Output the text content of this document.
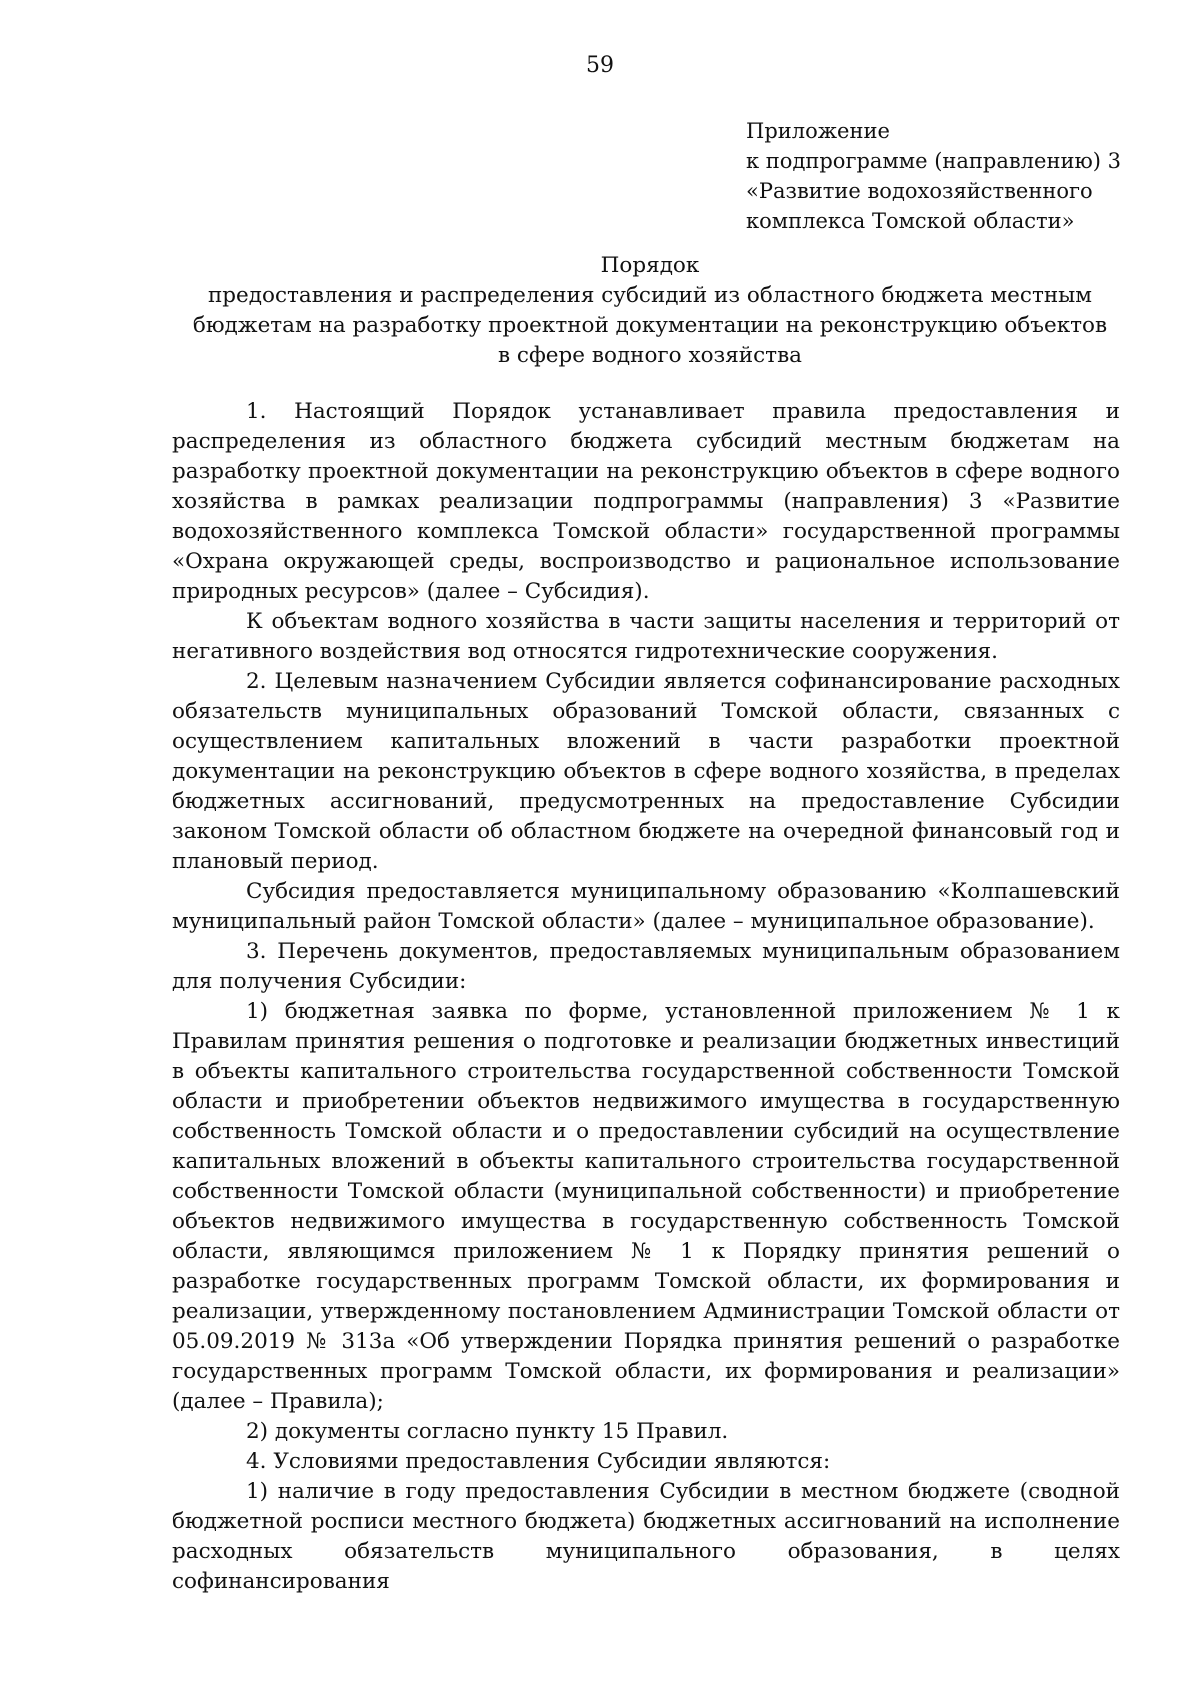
59
Приложение
к подпрограмме (направлению) 3
«Развитие водохозяйственного
комплекса Томской области»
Порядок
предоставления и распределения субсидий из областного бюджета местным
бюджетам на разработку проектной документации на реконструкцию объектов
в сфере водного хозяйства

1. Настоящий Порядок устанавливает правила предоставления и распределения из областного бюджета субсидий местным бюджетам на разработку проектной документации на реконструкцию объектов в сфере водного хозяйства в рамках реализации подпрограммы (направления) 3 «Развитие водохозяйственного комплекса Томской области» государственной программы «Охрана окружающей среды, воспроизводство и рациональное использование природных ресурсов» (далее – Субсидия).

К объектам водного хозяйства в части защиты населения и территорий от негативного воздействия вод относятся гидротехнические сооружения.

2. Целевым назначением Субсидии является софинансирование расходных обязательств муниципальных образований Томской области, связанных с осуществлением капитальных вложений в части разработки проектной документации на реконструкцию объектов в сфере водного хозяйства, в пределах бюджетных ассигнований, предусмотренных на предоставление Субсидии законом Томской области об областном бюджете на очередной финансовый год и плановый период.

Субсидия предоставляется муниципальному образованию «Колпашевский муниципальный район Томской области» (далее – муниципальное образование).

3. Перечень документов, предоставляемых муниципальным образованием для получения Субсидии:

1) бюджетная заявка по форме, установленной приложением № 1 к Правилам принятия решения о подготовке и реализации бюджетных инвестиций в объекты капитального строительства государственной собственности Томской области и приобретении объектов недвижимого имущества в государственную собственность Томской области и о предоставлении субсидий на осуществление капитальных вложений в объекты капитального строительства государственной собственности Томской области (муниципальной собственности) и приобретение объектов недвижимого имущества в государственную собственность Томской области, являющимся приложением № 1 к Порядку принятия решений о разработке государственных программ Томской области, их формирования и реализации, утвержденному постановлением Администрации Томской области от 05.09.2019 № 313а «Об утверждении Порядка принятия решений о разработке государственных программ Томской области, их формирования и реализации» (далее – Правила);

2) документы согласно пункту 15 Правил.

4. Условиями предоставления Субсидии являются:

1) наличие в году предоставления Субсидии в местном бюджете (сводной бюджетной росписи местного бюджета) бюджетных ассигнований на исполнение расходных обязательств муниципального образования, в целях софинансирования
